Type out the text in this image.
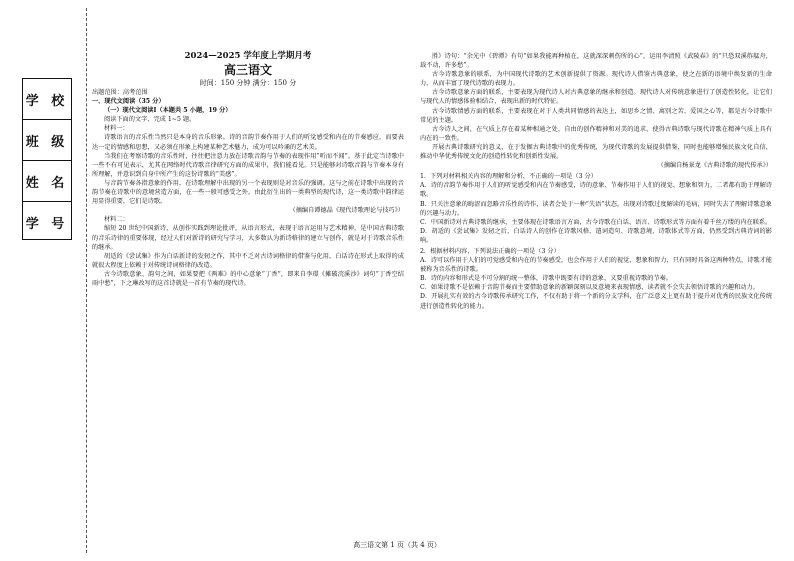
学 校
班 级
姓 名
学 号
2024—2025 学年度上学期月考
高三语文
时间：150 分钟 满分：150 分

出题范围：高考范围

一、现代文阅读（35 分）

（一）现代文阅读Ⅰ（本题共 5 小题，19 分）

阅读下面的文字，完成 1~5 题。

材料一：

诗歌语言的音乐性当然只是本身的音乐形象。诗的音韵节奏作用于人们的听觉感受和内在的节奏感应，而要表达一定的情感和思想，又必须在形象上构建某种艺术魅力，成为可以吟诵的艺术美。

当我们在考察诗歌的音乐性时，往往把注意力放在诗歌音韵与节奏的表现作用“听而不闻”。基于此定当诗歌中一些不有可见表示，尤其在网络时代诗歌音律研究方面的成果中，我们能看见。只是能够对诗歌音韵与节奏本身有所理解，并意识到自身中所产生的这份诗歌的“美感”。

与音韵节奏各指意象的作用，在诗歌理解中出现的另一个表现则是对音乐的强调。这与之前在诗歌中出现的音韵节奏在诗歌中的意境营造方面，在一些一般可感受之外，由此衍生出的一类典型的现代诗，这一类诗歌中韵律运用显得重要，它们是诗歌。

（摘编自谭德晶《现代诗歌理论与技巧》）

材料二：

缩短 20 世纪中国新诗，从创作实践到理论批评，从语言形式，表现于语言运用与艺术精神，是中国古典诗歌的音乐诗律的重要体现，经过人们对新诗的研究与学习，大多数认为新诗格律的建立与创作，就是对于诗歌音乐性的继承。

胡适的《尝试集》作为白话新诗的发轫之作，其中不乏对古诗词格律的借鉴与化用，白话诗在形式上取得的成就很大程度上依赖于对传统诗词格律的改造。

古今诗歌意象、韵句之间，如果要把《两难》的中心意象“丁香”，即来自李璟《摊破浣溪沙》词句“丁香空结雨中愁”，下之琳改写的这首诗就是一首有节奏的现代诗。

胜》诗句：“余光中《碧潭》有句“如果我能再种植在，这就深深刺伤所的心”，运用李清照《武陵春》的“只恐双溪舴艋舟，载不动，许多愁”。

古今诗歌意象的联系，为中国现代诗歌的艺术创新提供了资源。现代诗人借鉴古典意象，使之在新的语境中焕发新的生命力，从而丰富了现代诗歌的表现力。

古今诗歌意象方面的联系，主要表现为现代诗人对古典意象的继承和创造。现代诗人对传统意象进行了创造性转化，让它们与现代人的情感体验相结合，表现出新的时代特征。

古今诗歌情感方面的联系，主要表现在对于人类共同情感的表达上，如思乡之情、离别之苦、爱国之心等，都是古今诗歌中常见的主题。

古今诗人之间，在气质上存在着某种相通之处，自由的创作精神和对美的追求，使得古典诗歌与现代诗歌在精神气质上具有内在的一致性。

开展古典诗歌研究的意义，在于发掘古典诗歌中的优秀传统，为现代诗歌的发展提供借鉴，同时也能够增强民族文化自信，推动中华优秀传统文化的创造性转化和创新性发展。

（摘编自杨景龙《古典诗歌的现代传承》）

1．下列对材料相关内容的理解和分析，不正确的一项是（3 分）

A．诗的音韵节奏作用于人们的听觉感受和内在节奏感受，诗的意象、节奏作用于人们的视觉、想象和智力，二者都有助于理解诗歌。

B．只关注意象的晦涩而忽略音乐性的诗作，读者会处于一种“失语”状态，出现对诗歌过度解读的毛病，同时失去了理解诗歌意象的兴趣与动力。

C．中国新诗对古典诗歌的继承，主要体现在诗歌语言方面，古今诗歌在白话、语言、诗歌形式等方面有着千丝万缕的内在联系。

D．胡适的《尝试集》发轫之后，白话诗人的创作在诗歌风格、遣词造句、诗歌意境、诗歌体式等方面，仍然受到古典诗词的影响。

2．根据材料内容，下列说法正确的一项是（3 分）

A．诗可以作用于人们的可觉感受和内在的节奏感受，也会作用于人们的视觉、想象和智力，只有同时具备这两种特点，诗歌才能被称为音乐性的诗歌。

B．诗的内容和形式是不可分割的统一整体，诗歌中既要有诗的意象，又要重视诗歌的节奏。

C．如果诗歌不是依赖于音韵节奏而主要借助意象的新颖深刻以及意境来表现情感，读者就不会失去领悟诗歌的兴趣和动力。

D．开展扎实有效的古今诗歌传承研究工作，不仅有助于将一个新的分支学科，在广泛意义上更有助于提升对优秀的民族文化传统进行创造性转化的能力。

高三语文第 1 页（共 4 页）
